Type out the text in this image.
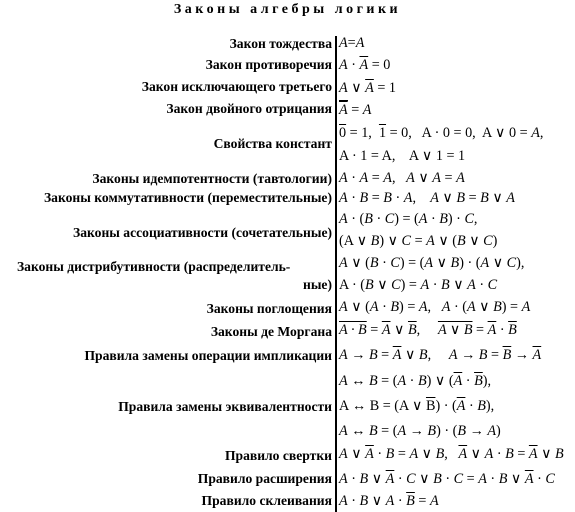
Законы алгебры логики
Закон тождества A=A
Закон противоречия $A \cdot \overline{A} = 0$
Закон исключающего третьего A ∨ $\overline{A} = 1$
Закон двойного отрицания $\overline{A} = A$
Свойства констант
0 = 1,  1 = 0,   A · 0 = 0,  A ∨ 0 = A,
A · 1 = A,    A ∨ 1 = 1
Законы идемпотентности (тавтологии) A · A = A,   A ∨ A = A
Законы коммутативности (переместительные) A · B = B · A,    A ∨ B = B ∨ A
Законы ассоциативности (сочетательные)
A · (B · C) = (A · B) · C,
(A ∨ B) ∨ C = A ∨ (B ∨ C)
Законы дистрибутивности (распределитель-
ные)
A ∨ (B · C) = (A ∨ B) · (A ∨ C),
A · (B ∨ C) = A · B ∨ A · C
Законы поглощения A ∨ (A · B) = A,   A · (A ∨ B) = A
Законы де Моргана $A \cdot B = \overline{A}$ ∨ $\overline{B}$,     A ∨ $B = \overline{A} \cdot \overline{B}$
Правила замены операции импликации $A \to B = \overline{A}$ ∨ B,     $A \to B = \overline{B} \to \overline{A}$
Правила замены эквивалентности
A ↔ B = (A · B) ∨ $(\overline{A} \cdot \overline{B})$,
A ↔ B = (A ∨ $\overline{B}) \cdot (\overline{A} \cdot B)$,
A ↔ B = (A → B) · (B → A)
Правило свертки A ∨ $\overline{A} \cdot B = A$ ∨ B,   $\overline{A}$ ∨ $A \cdot B = \overline{A}$ ∨ B
Правило расширения A · B ∨ $\overline{A} \cdot C$ ∨ B · C = A · B ∨ $\overline{A} \cdot C$
Правило склеивания A · B ∨ $A \cdot \overline{B} = A$
